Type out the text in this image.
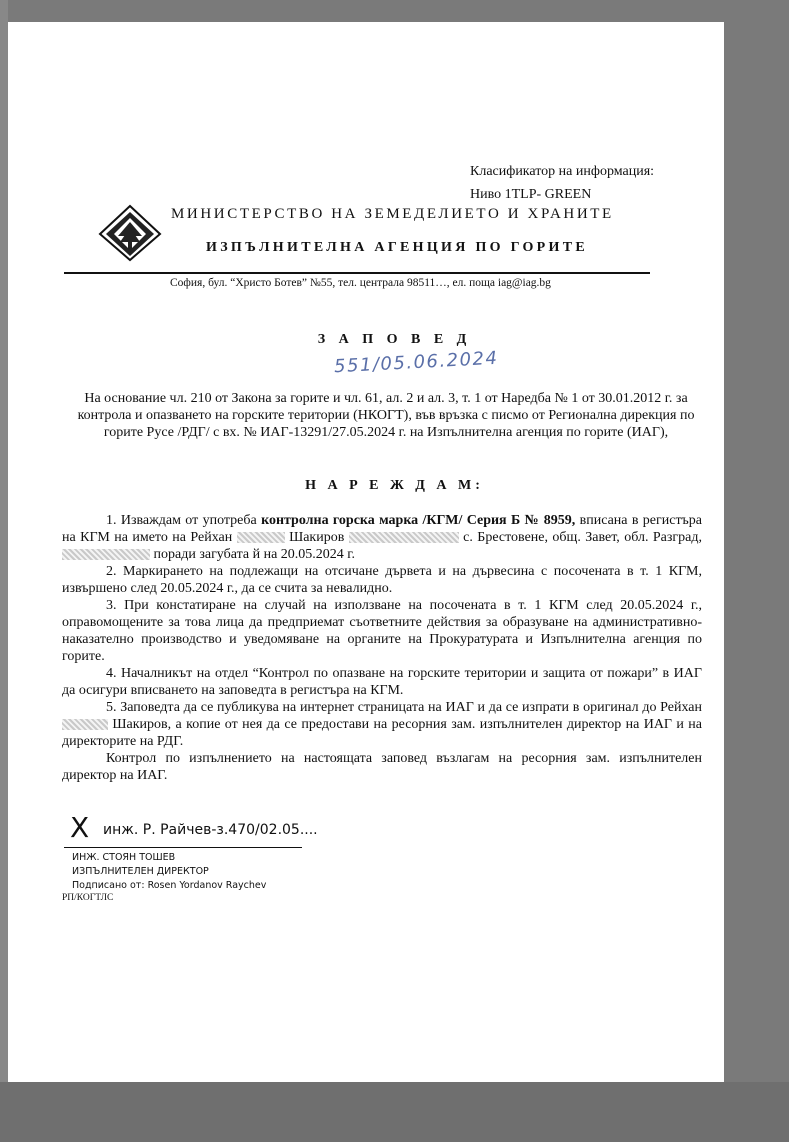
Класификатор на информация:
Ниво 1TLP- GREEN
МИНИСТЕРСТВО НА ЗЕМЕДЕЛИЕТО И ХРАНИТЕ
ИЗПЪЛНИТЕЛНА АГЕНЦИЯ ПО ГОРИТЕ
София, бул. “Христо Ботев” №55, тел. централа 98511…, ел. поща iag@iag.bg
З А П О В Е Д
551/05.06.2024
На основание чл. 210 от Закона за горите и чл. 61, ал. 2 и ал. 3, т. 1 от Наредба № 1 от 30.01.2012 г. за контрола и опазването на горските територии (НКОГТ), във връзка с писмо от Регионална дирекция по горите Русе /РДГ/ с вх. № ИАГ-13291/27.05.2024 г. на Изпълнителна агенция по горите (ИАГ),
Н А Р Е Ж Д А М:

1. Изваждам от употреба контролна горска марка /КГМ/ Серия Б № 8959, вписана в регистъра на КГМ на името на Рейхан	Шакиров	с. Брестовене, общ. Завет, обл. Разград,  поради загубата й на 20.05.2024 г.

2. Маркирането на подлежащи на отсичане дървета и на дървесина с посочената в т. 1 КГМ, извършено след 20.05.2024 г., да се счита за невалидно.

3. При констатиране на случай на използване на посочената в т. 1 КГМ след 20.05.2024 г., оправомощените за това лица да предприемат съответните действия за образуване на административно-наказателно производство и уведомяване на органите на Прокуратурата и Изпълнителна агенция по горите.

4. Началникът на отдел “Контрол по опазване на горските територии и защита от пожари” в ИАГ да осигури вписването на заповедта в регистъра на КГМ.

5. Заповедта да се публикува на интернет страницата на ИАГ и да се изпрати в оригинал до Рейхан  Шакиров, а копие от нея да се предостави на ресорния зам. изпълнителен директор на ИАГ и на директорите на РДГ.

Контрол по изпълнението на настоящата заповед възлагам на ресорния зам. изпълнителен директор на ИАГ.

X инж. Р. Райчев-з.470/02.05....
ИНЖ. СТОЯН ТОШЕВ
ИЗПЪЛНИТЕЛЕН ДИРЕКТОР
Подписано от: Rosen Yordanov Raychev
РП/КОГТЛС
